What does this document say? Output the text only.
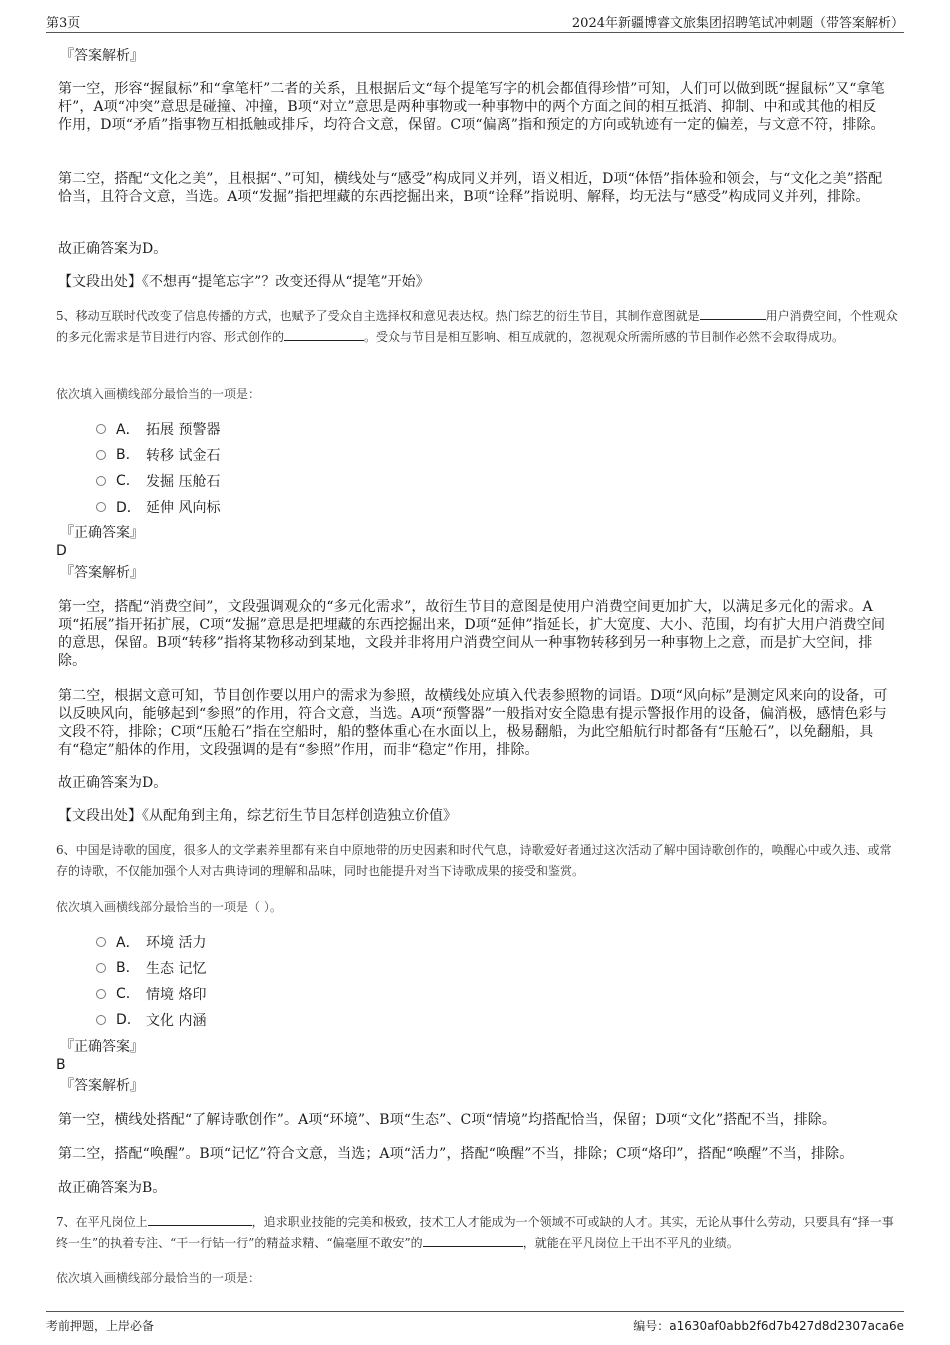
第3页	2024年新疆博睿文旅集团招聘笔试冲刺题（带答案解析）

『答案解析』

第一空，形容“握鼠标”和“拿笔杆”二者的关系，且根据后文“每个提笔写字的机会都值得珍惜”可知，人们可以做到既“握鼠标”又“拿笔杆”，A项“冲突”意思是碰撞、冲撞，B项“对立”意思是两种事物或一种事物中的两个方面之间的相互抵消、抑制、中和或其他的相反作用，D项“矛盾”指事物互相抵触或排斥，均符合文意，保留。C项“偏离”指和预定的方向或轨迹有一定的偏差，与文意不符，排除。

第二空，搭配“文化之美”，且根据“、”可知，横线处与“感受”构成同义并列，语义相近，D项“体悟”指体验和领会，与“文化之美”搭配恰当，且符合文意，当选。A项“发掘”指把埋藏的东西挖掘出来，B项“诠释”指说明、解释，均无法与“感受”构成同义并列，排除。

故正确答案为D。

【文段出处】《不想再“提笔忘字”？改变还得从“提笔”开始》

5、移动互联时代改变了信息传播的方式，也赋予了受众自主选择权和意见表达权。热门综艺的衍生节目，其制作意图就是	用户消费空间，个性观众的多元化需求是节目进行内容、形式创作的	。受众与节目是相互影响、相互成就的，忽视观众所需所感的节目制作必然不会取得成功。

依次填入画横线部分最恰当的一项是：

A． 拓展 预警器
B.	转移 试金石
C.	发掘 压舱石
D． 延伸 风向标

『正确答案』

D

『答案解析』

第一空，搭配“消费空间”，文段强调观众的“多元化需求”，故衍生节目的意图是使用户消费空间更加扩大，以满足多元化的需求。A项“拓展”指开拓扩展，C项“发掘”意思是把埋藏的东西挖掘出来，D项“延伸”指延长，扩大宽度、大小、范围，均有扩大用户消费空间的意思，保留。B项“转移”指将某物移动到某地，文段并非将用户消费空间从一种事物转移到另一种事物上之意，而是扩大空间，排除。

第二空，根据文意可知，节目创作要以用户的需求为参照，故横线处应填入代表参照物的词语。D项“风向标”是测定风来向的设备，可以反映风向，能够起到“参照”的作用，符合文意，当选。A项“预警器”一般指对安全隐患有提示警报作用的设备，偏消极，感情色彩与文段不符，排除；C项“压舱石”指在空船时，船的整体重心在水面以上，极易翻船，为此空船航行时都备有“压舱石”，以免翻船，具有“稳定”船体的作用，文段强调的是有“参照”作用，而非“稳定”作用，排除。

故正确答案为D。

【文段出处】《从配角到主角，综艺衍生节目怎样创造独立价值》

6、中国是诗歌的国度，很多人的文学素养里都有来自中原地带的历史因素和时代气息，诗歌爱好者通过这次活动了解中国诗歌创作的，唤醒心中或久违、或常存的诗歌，不仅能加强个人对古典诗词的理解和品味，同时也能提升对当下诗歌成果的接受和鉴赏。

依次填入画横线部分最恰当的一项是（ ）。

A． 环境 活力
B.	生态 记忆
C.	情境 烙印
D.	文化 内涵

『正确答案』

B

『答案解析』

第一空，横线处搭配“了解诗歌创作”。A项“环境”、B项“生态”、C项“情境”均搭配恰当，保留；D项“文化”搭配不当，排除。

第二空，搭配“唤醒”。B项“记忆”符合文意，当选；A项“活力”，搭配“唤醒”不当，排除；C项“烙印”，搭配“唤醒”不当，排除。

故正确答案为B。

7、在平凡岗位上	，追求职业技能的完美和极致，技术工人才能成为一个领域不可或缺的人才。其实，无论从事什么劳动，只要具有“择一事终一生”的执着专注、“干一行钻一行”的精益求精、“偏毫厘不敢安”的	，就能在平凡岗位上干出不平凡的业绩。

依次填入画横线部分最恰当的一项是：

考前押题，上岸必备	编号：a1630af0abb2f6d7b427d8d2307aca6e
